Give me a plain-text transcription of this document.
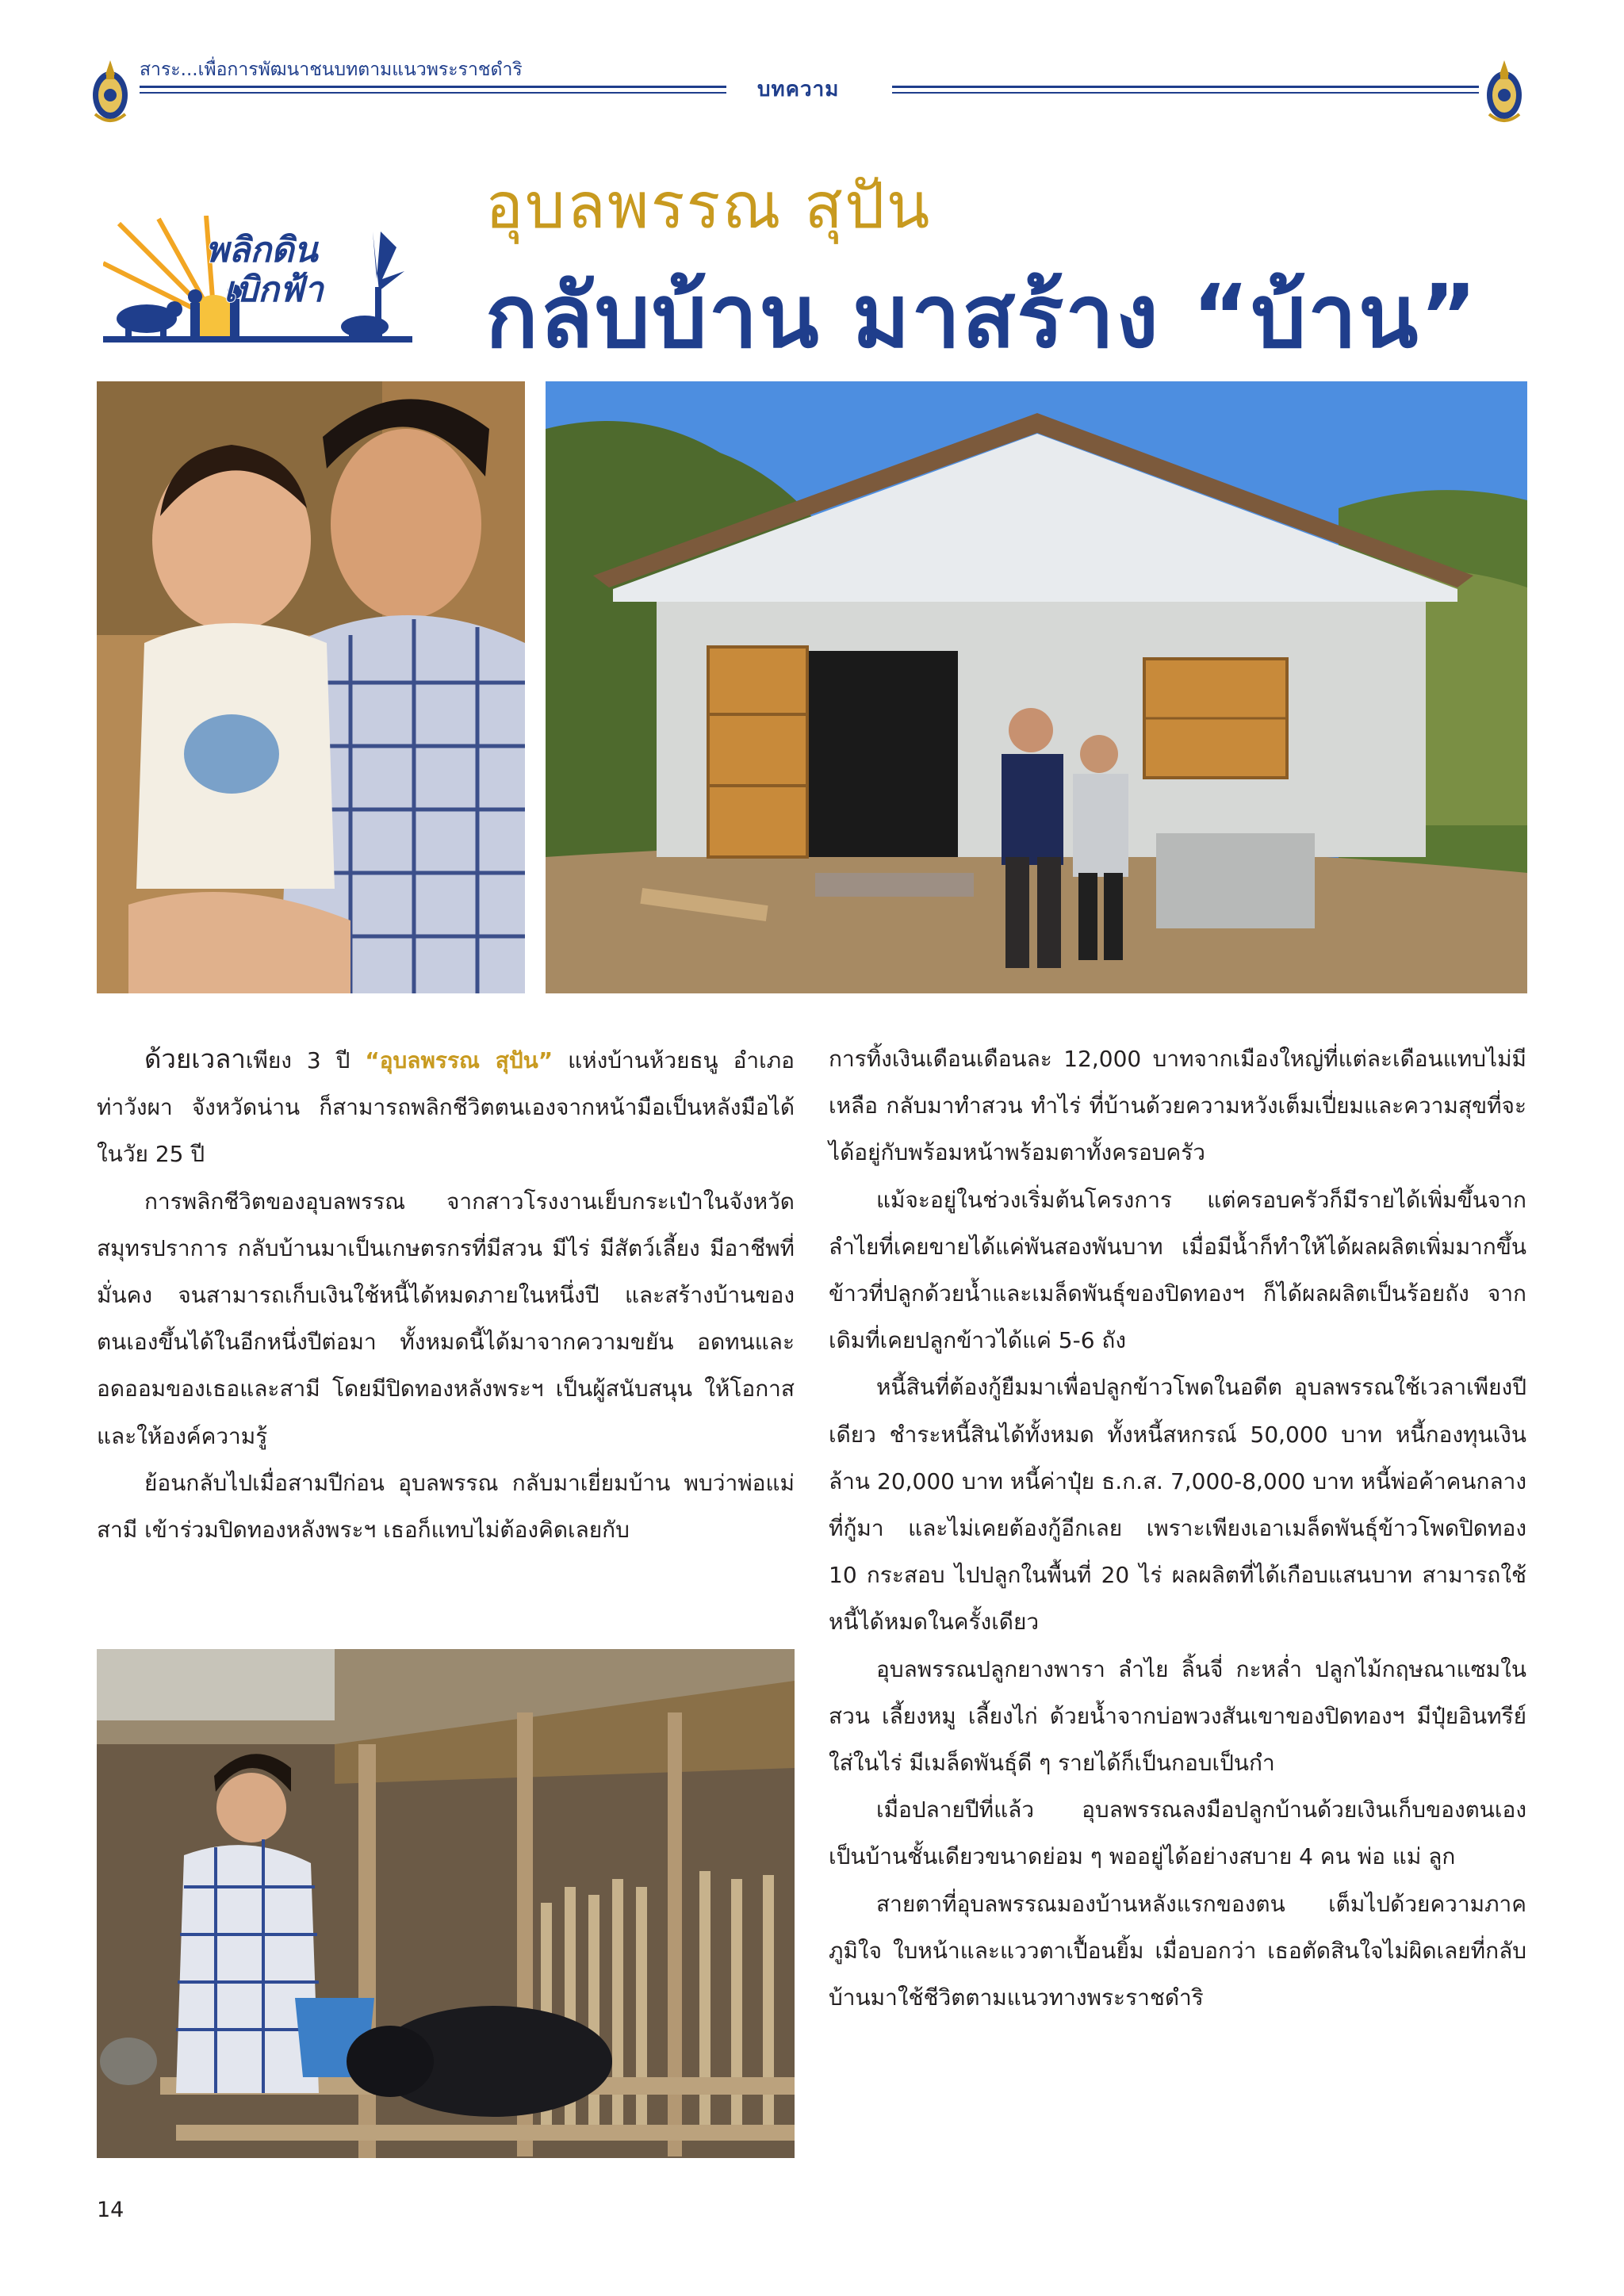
สาระ...เพื่อการพัฒนาชนบทตามแนวพระราชดำริ
บทความ
พลิกดิน
เบิกฟ้า
อุบลพรรณ สุปัน
กลับบ้าน มาสร้าง “บ้าน”

ด้วยเวลาเพียง 3 ปี “อุบลพรรณ สุปัน” แห่งบ้านห้วยธนู อำเภอท่าวังผา จังหวัดน่าน ก็สามารถพลิกชีวิตตนเองจากหน้ามือเป็นหลังมือได้ ในวัย 25 ปี

การพลิกชีวิตของอุบลพรรณ จากสาวโรงงานเย็บกระเป๋าในจังหวัดสมุทรปราการ กลับบ้านมาเป็นเกษตรกรที่มีสวน มีไร่ มีสัตว์เลี้ยง มีอาชีพที่มั่นคง จนสามารถเก็บเงินใช้หนี้ได้หมดภายในหนึ่งปี และสร้างบ้านของตนเองขึ้นได้ในอีกหนึ่งปีต่อมา ทั้งหมดนี้ได้มาจากความขยัน อดทนและอดออมของเธอและสามี โดยมีปิดทองหลังพระฯ เป็นผู้สนับสนุน ให้โอกาสและให้องค์ความรู้

ย้อนกลับไปเมื่อสามปีก่อน อุบลพรรณ กลับมาเยี่ยมบ้าน พบว่าพ่อแม่สามี เข้าร่วมปิดทองหลังพระฯ เธอก็แทบไม่ต้องคิดเลยกับ

การทิ้งเงินเดือนเดือนละ 12,000 บาทจากเมืองใหญ่ที่แต่ละเดือนแทบไม่มีเหลือ กลับมาทำสวน ทำไร่ ที่บ้านด้วยความหวังเต็มเปี่ยมและความสุขที่จะได้อยู่กับพร้อมหน้าพร้อมตาทั้งครอบครัว

แม้จะอยู่ในช่วงเริ่มต้นโครงการ แต่ครอบครัวก็มีรายได้เพิ่มขึ้นจากลำไยที่เคยขายได้แค่พันสองพันบาท เมื่อมีน้ำก็ทำให้ได้ผลผลิตเพิ่มมากขึ้น ข้าวที่ปลูกด้วยน้ำและเมล็ดพันธุ์ของปิดทองฯ ก็ได้ผลผลิตเป็นร้อยถัง จากเดิมที่เคยปลูกข้าวได้แค่ 5-6 ถัง

หนี้สินที่ต้องกู้ยืมมาเพื่อปลูกข้าวโพดในอดีต อุบลพรรณใช้เวลาเพียงปีเดียว ชำระหนี้สินได้ทั้งหมด ทั้งหนี้สหกรณ์ 50,000 บาท หนี้กองทุนเงินล้าน 20,000 บาท หนี้ค่าปุ๋ย ธ.ก.ส. 7,000-8,000 บาท หนี้พ่อค้าคนกลางที่กู้มา และไม่เคยต้องกู้อีกเลย เพราะเพียงเอาเมล็ดพันธุ์ข้าวโพดปิดทอง 10 กระสอบ ไปปลูกในพื้นที่ 20 ไร่ ผลผลิตที่ได้เกือบแสนบาท สามารถใช้หนี้ได้หมดในครั้งเดียว

อุบลพรรณปลูกยางพารา ลำไย ลิ้นจี่ กะหล่ำ ปลูกไม้กฤษณาแซมในสวน เลี้ยงหมู เลี้ยงไก่ ด้วยน้ำจากบ่อพวงสันเขาของปิดทองฯ มีปุ๋ยอินทรีย์ใส่ในไร่ มีเมล็ดพันธุ์ดี ๆ รายได้ก็เป็นกอบเป็นกำ

เมื่อปลายปีที่แล้ว อุบลพรรณลงมือปลูกบ้านด้วยเงินเก็บของตนเอง เป็นบ้านชั้นเดียวขนาดย่อม ๆ พออยู่ได้อย่างสบาย 4 คน พ่อ แม่ ลูก

สายตาที่อุบลพรรณมองบ้านหลังแรกของตน เต็มไปด้วยความภาคภูมิใจ ใบหน้าและแววตาเปื้อนยิ้ม เมื่อบอกว่า เธอตัดสินใจไม่ผิดเลยที่กลับบ้านมาใช้ชีวิตตามแนวทางพระราชดำริ

14
